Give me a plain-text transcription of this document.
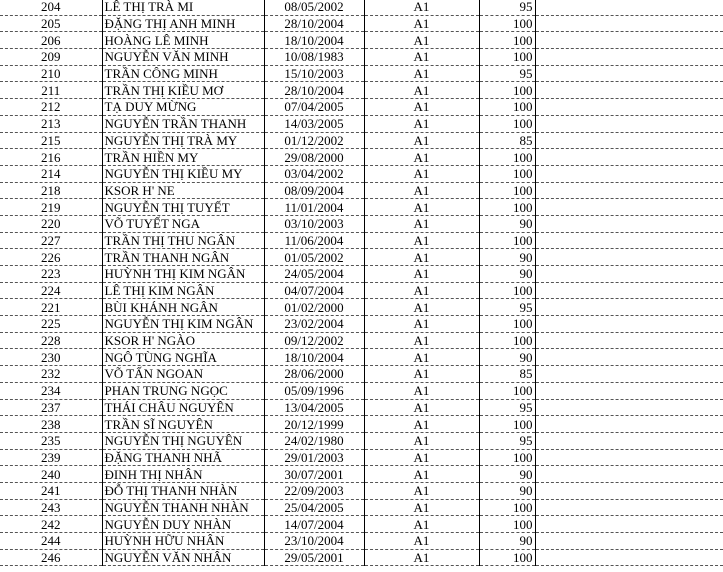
204	LÊ THỊ TRÀ MI	08/05/2002	A1	95	
205	ĐẶNG THỊ ANH MINH	28/10/2004	A1	100	
206	HOÀNG LÊ MINH	18/10/2004	A1	100	
209	NGUYỄN VĂN MINH	10/08/1983	A1	100	
210	TRẦN CÔNG MINH	15/10/2003	A1	95	
211	TRẦN THỊ KIỀU MƠ	28/10/2004	A1	100	
212	TẠ DUY MỪNG	07/04/2005	A1	100	
213	NGUYỄN TRẦN THANH	14/03/2005	A1	100	
215	NGUYỄN THỊ TRÀ MY	01/12/2002	A1	85	
216	TRẦN HIỀN MY	29/08/2000	A1	100	
214	NGUYỄN THỊ KIỀU MY	03/04/2002	A1	100	
218	KSOR H' NE	08/09/2004	A1	100	
219	NGUYỄN THỊ TUYẾT	11/01/2004	A1	100	
220	VÕ TUYẾT NGA	03/10/2003	A1	90	
227	TRẦN THỊ THU NGÂN	11/06/2004	A1	100	
226	TRẦN THANH NGÂN	01/05/2002	A1	90	
223	HUỲNH THỊ KIM NGÂN	24/05/2004	A1	90	
224	LÊ THỊ KIM NGÂN	04/07/2004	A1	100	
221	BÙI KHÁNH NGÂN	01/02/2000	A1	95	
225	NGUYỄN THỊ KIM NGÂN	23/02/2004	A1	100	
228	KSOR H' NGÀO	09/12/2002	A1	100	
230	NGÔ TÙNG NGHĨA	18/10/2004	A1	90	
232	VÕ TẤN NGOAN	28/06/2000	A1	85	
234	PHAN TRUNG NGỌC	05/09/1996	A1	100	
237	THÁI CHÂU NGUYÊN	13/04/2005	A1	95	
238	TRẦN SĨ NGUYÊN	20/12/1999	A1	100	
235	NGUYỄN THỊ NGUYÊN	24/02/1980	A1	95	
239	ĐẶNG THANH NHÃ	29/01/2003	A1	100	
240	ĐINH THỊ NHÂN	30/07/2001	A1	90	
241	ĐỖ THỊ THANH NHÀN	22/09/2003	A1	90	
243	NGUYỄN THANH NHÀN	25/04/2005	A1	100	
242	NGUYỄN DUY NHÀN	14/07/2004	A1	100	
244	HUỲNH HỮU NHÂN	23/10/2004	A1	90	
246	NGUYỄN VĂN NHÂN	29/05/2001	A1	100	
